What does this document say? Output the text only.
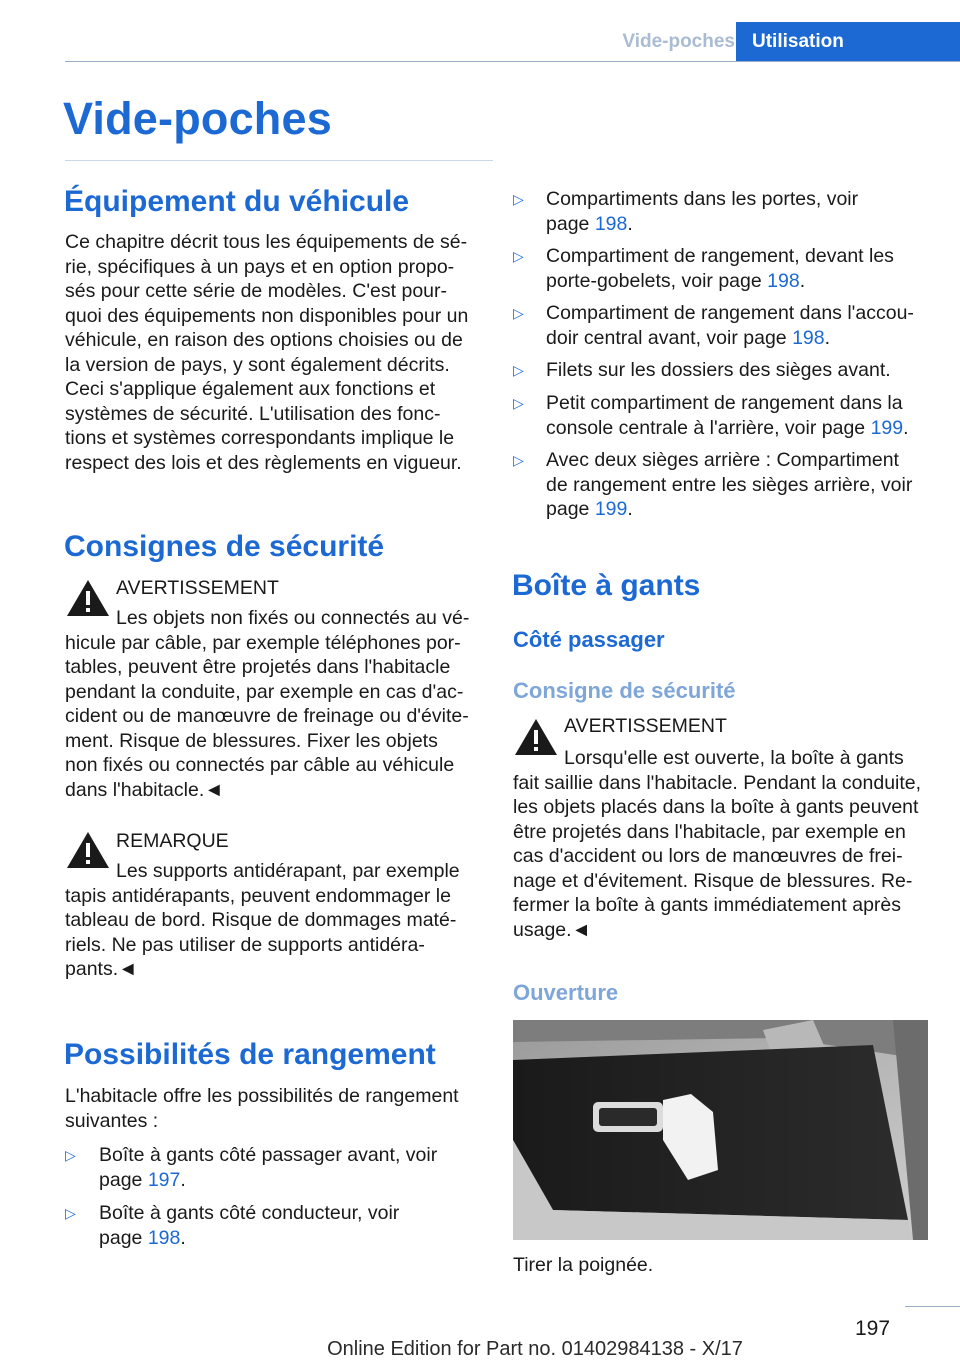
Vide-poches Utilisation
Vide-poches
Équipement du véhicule
Ce chapitre décrit tous les équipements de sé‐
rie, spécifiques à un pays et en option propo‐
sés pour cette série de modèles. C'est pour‐
quoi des équipements non disponibles pour un
véhicule, en raison des options choisies ou de
la version de pays, y sont également décrits.
Ceci s'applique également aux fonctions et
systèmes de sécurité. L'utilisation des fonc‐
tions et systèmes correspondants implique le
respect des lois et des règlements en vigueur.
Consignes de sécurité
AVERTISSEMENT
Les objets non fixés ou connectés au vé‐
hicule par câble, par exemple téléphones por‐
tables, peuvent être projetés dans l'habitacle
pendant la conduite, par exemple en cas d'ac‐
cident ou de manœuvre de freinage ou d'évite‐
ment. Risque de blessures. Fixer les objets
non fixés ou connectés par câble au véhicule
dans l'habitacle.◄
REMARQUE
Les supports antidérapant, par exemple
tapis antidérapants, peuvent endommager le
tableau de bord. Risque de dommages maté‐
riels. Ne pas utiliser de supports antidéra‐
pants.◄
Possibilités de rangement
L'habitacle offre les possibilités de rangement
suivantes :
▷ Boîte à gants côté passager avant, voir
page 197.
▷ Boîte à gants côté conducteur, voir
page 198.
▷ Compartiments dans les portes, voir
page 198.
▷ Compartiment de rangement, devant les
porte-gobelets, voir page 198.
▷ Compartiment de rangement dans l'accou‐
doir central avant, voir page 198.
▷ Filets sur les dossiers des sièges avant.
▷ Petit compartiment de rangement dans la
console centrale à l'arrière, voir page 199.
▷ Avec deux sièges arrière : Compartiment
de rangement entre les sièges arrière, voir
page 199.
Boîte à gants
Côté passager
Consigne de sécurité
AVERTISSEMENT
Lorsqu'elle est ouverte, la boîte à gants
fait saillie dans l'habitacle. Pendant la conduite,
les objets placés dans la boîte à gants peuvent
être projetés dans l'habitacle, par exemple en
cas d'accident ou lors de manœuvres de frei‐
nage et d'évitement. Risque de blessures. Re‐
fermer la boîte à gants immédiatement après
usage.◄
Ouverture
Tirer la poignée.
197
Online Edition for Part no. 01402984138 - X/17
